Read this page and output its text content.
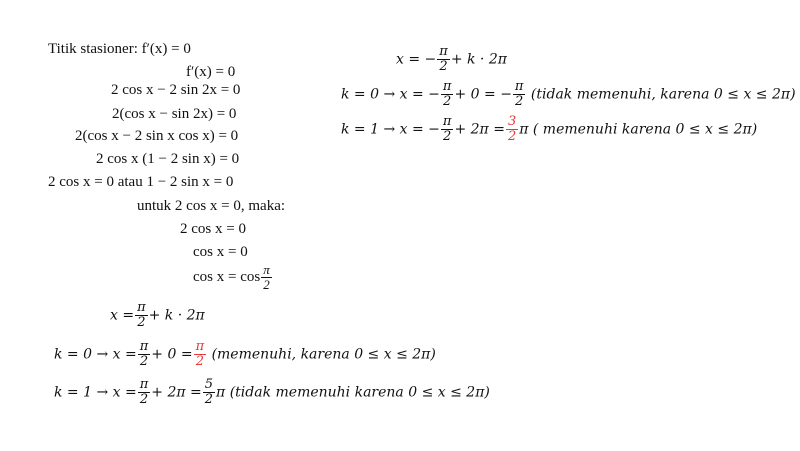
Titik stasioner: f′(x) = 0
f′(x) = 0
2 cos x − 2 sin 2x = 0
2(cos x − sin 2x) = 0
2(cos x − 2 sin x cos x) = 0
2 cos x (1 − 2 sin x) = 0
2 cos x = 0 atau 1 − 2 sin x = 0
untuk 2 cos x = 0, maka:
2 cos x = 0
cos x = 0
$\cos x = \cos \frac{\pi}{2}$
$x = \frac{\pi}{2} + k \cdot 2\pi$
$k = 0 \to x = \frac{\pi}{2} + 0 = \frac{\pi}{2}$ (memenuhi, karena 0 ≤ x ≤ 2π)
$k = 1 \to x = \frac{\pi}{2} + 2\pi = \frac{5}{2}$ π (tidak memenuhi karena 0 ≤ x ≤ 2π)
x = − $\frac{\pi}{2} + k \cdot 2\pi$
k = 0 → x = − $\frac{\pi}{2} + 0$ = − $\frac{\pi}{2}$ (tidak memenuhi, karena 0 ≤ x ≤ 2π)
k = 1 → x = − $\frac{\pi}{2} + 2\pi = \frac{3}{2}$ π ( memenuhi karena 0 ≤ x ≤ 2π)
